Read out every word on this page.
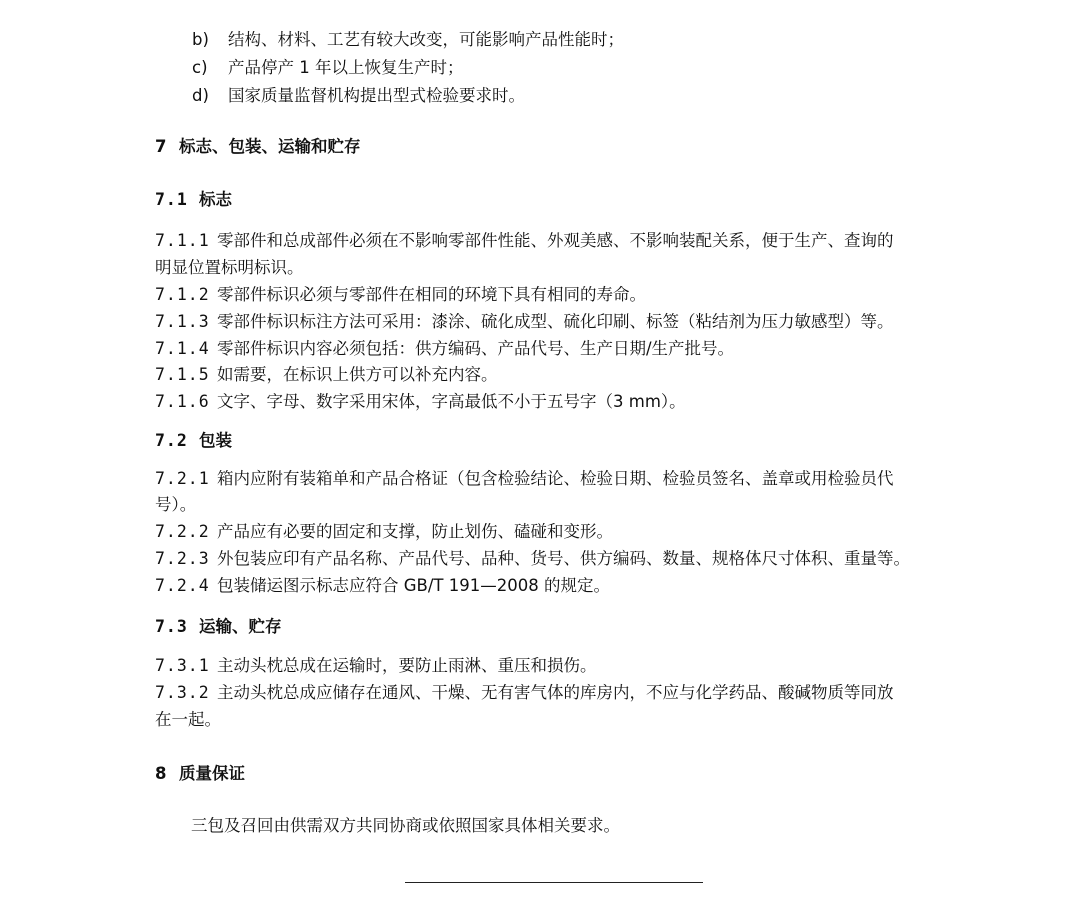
b) 结构、材料、工艺有较大改变，可能影响产品性能时；
c) 产品停产 1 年以上恢复生产时；
d) 国家质量监督机构提出型式检验要求时。
7 标志、包装、运输和贮存
7.1 标志
7.1.1 零部件和总成部件必须在不影响零部件性能、外观美感、不影响装配关系，便于生产、查询的
明显位置标明标识。
7.1.2 零部件标识必须与零部件在相同的环境下具有相同的寿命。
7.1.3 零部件标识标注方法可采用：漆涂、硫化成型、硫化印刷、标签（粘结剂为压力敏感型）等。
7.1.4 零部件标识内容必须包括：供方编码、产品代号、生产日期/生产批号。
7.1.5 如需要，在标识上供方可以补充内容。
7.1.6 文字、字母、数字采用宋体，字高最低不小于五号字（3 mm）。
7.2 包装
7.2.1 箱内应附有装箱单和产品合格证（包含检验结论、检验日期、检验员签名、盖章或用检验员代
号）。
7.2.2 产品应有必要的固定和支撑，防止划伤、磕碰和变形。
7.2.3 外包装应印有产品名称、产品代号、品种、货号、供方编码、数量、规格体尺寸体积、重量等。
7.2.4 包装储运图示标志应符合 GB/T 191—2008 的规定。
7.3 运输、贮存
7.3.1 主动头枕总成在运输时，要防止雨淋、重压和损伤。
7.3.2 主动头枕总成应储存在通风、干燥、无有害气体的库房内，不应与化学药品、酸碱物质等同放
在一起。
8 质量保证
三包及召回由供需双方共同协商或依照国家具体相关要求。
